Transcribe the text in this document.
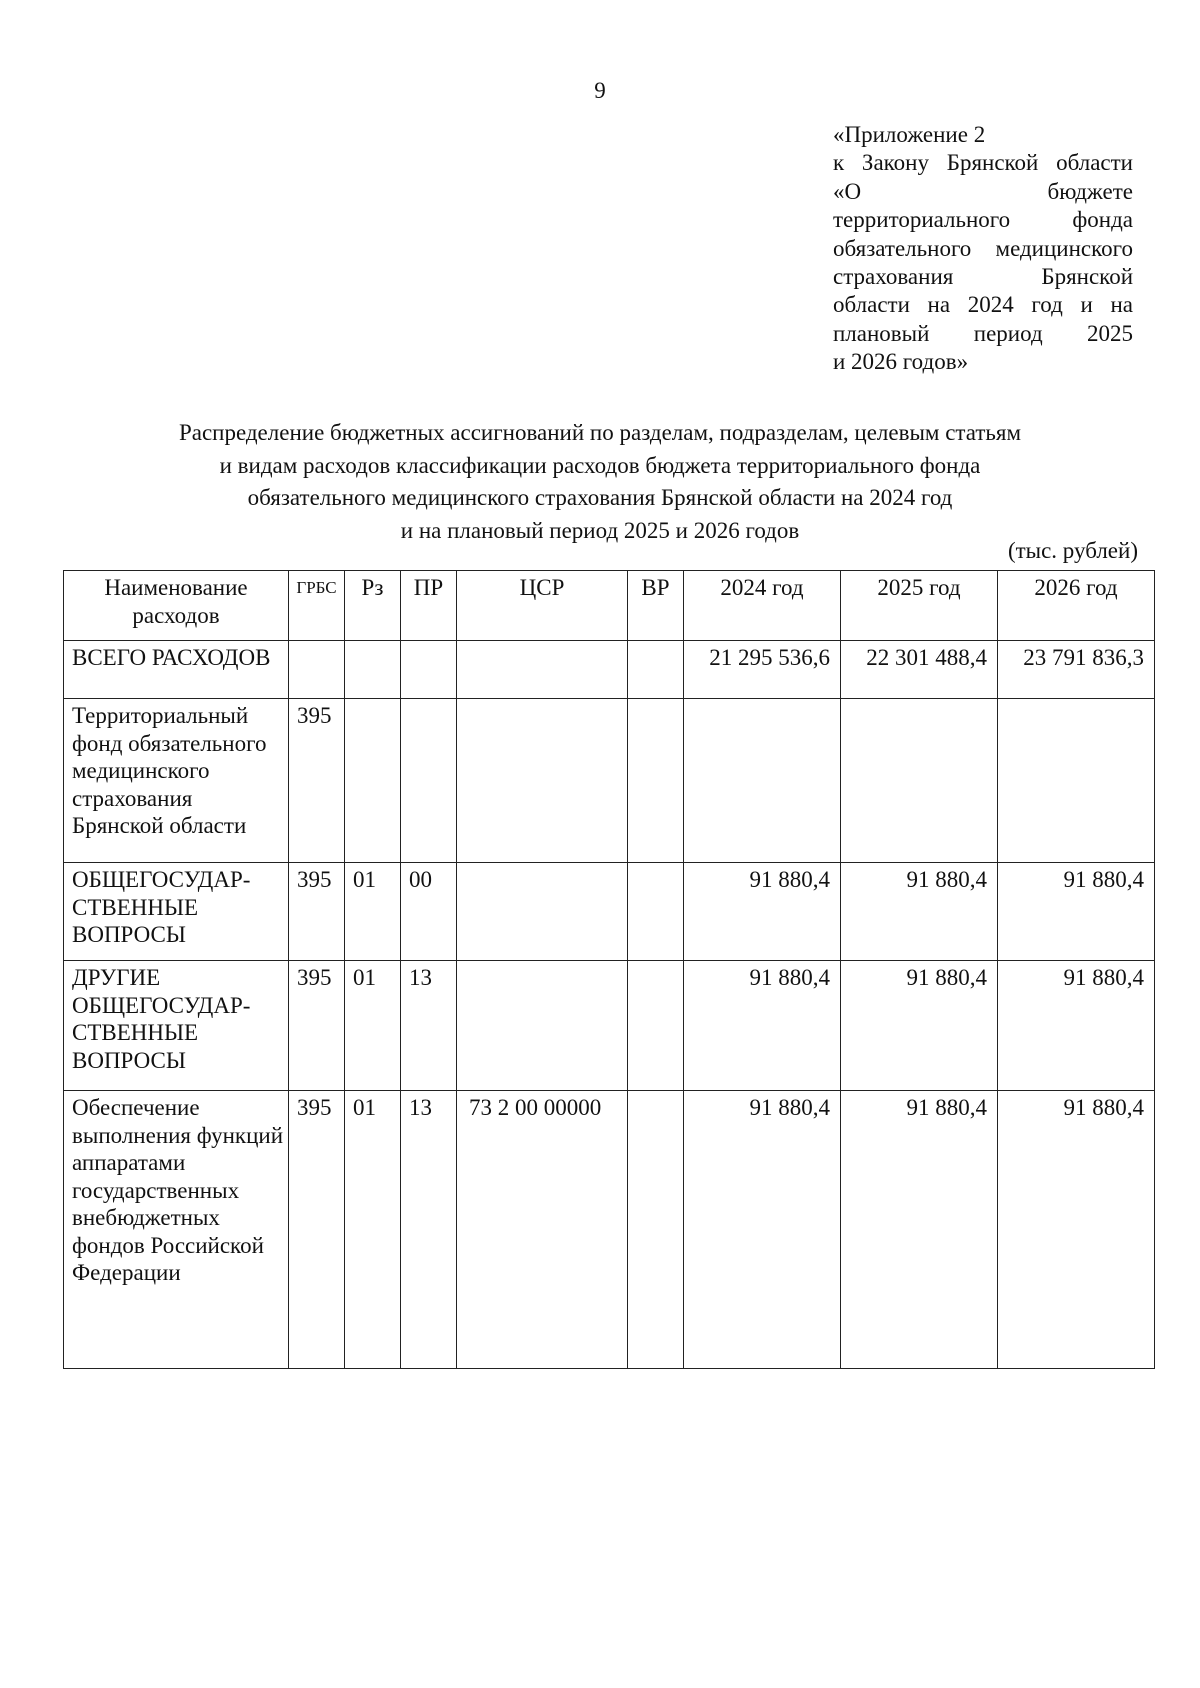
9
«Приложение 2
к Закону Брянской области
«О бюджете
территориального фонда
обязательного медицинского
страхования Брянской
области на 2024 год и на
плановый период 2025
и 2026 годов»
Распределение бюджетных ассигнований по разделам, подразделам, целевым статьям
и видам расходов классификации расходов бюджета территориального фонда
обязательного медицинского страхования Брянской области на 2024 год
и на плановый период 2025 и 2026 годов
(тыс. рублей)
Наименование расходов	ГРБС	Рз	ПР	ЦСР	ВР	2024 год	2025 год	2026 год
ВСЕГО РАСХОДОВ						21 295 536,6	22 301 488,4	23 791 836,3
Территориальный фонд обязательного медицинского страхования Брянской области	395							
ОБЩЕГОСУДАР-СТВЕННЫЕ ВОПРОСЫ	395	01	00			91 880,4	91 880,4	91 880,4
ДРУГИЕ ОБЩЕГОСУДАР-СТВЕННЫЕ ВОПРОСЫ	395	01	13			91 880,4	91 880,4	91 880,4
Обеспечение выполнения функций аппаратами государственных внебюджетных фондов Российской Федерации	395	01	13	73 2 00 00000		91 880,4	91 880,4	91 880,4
